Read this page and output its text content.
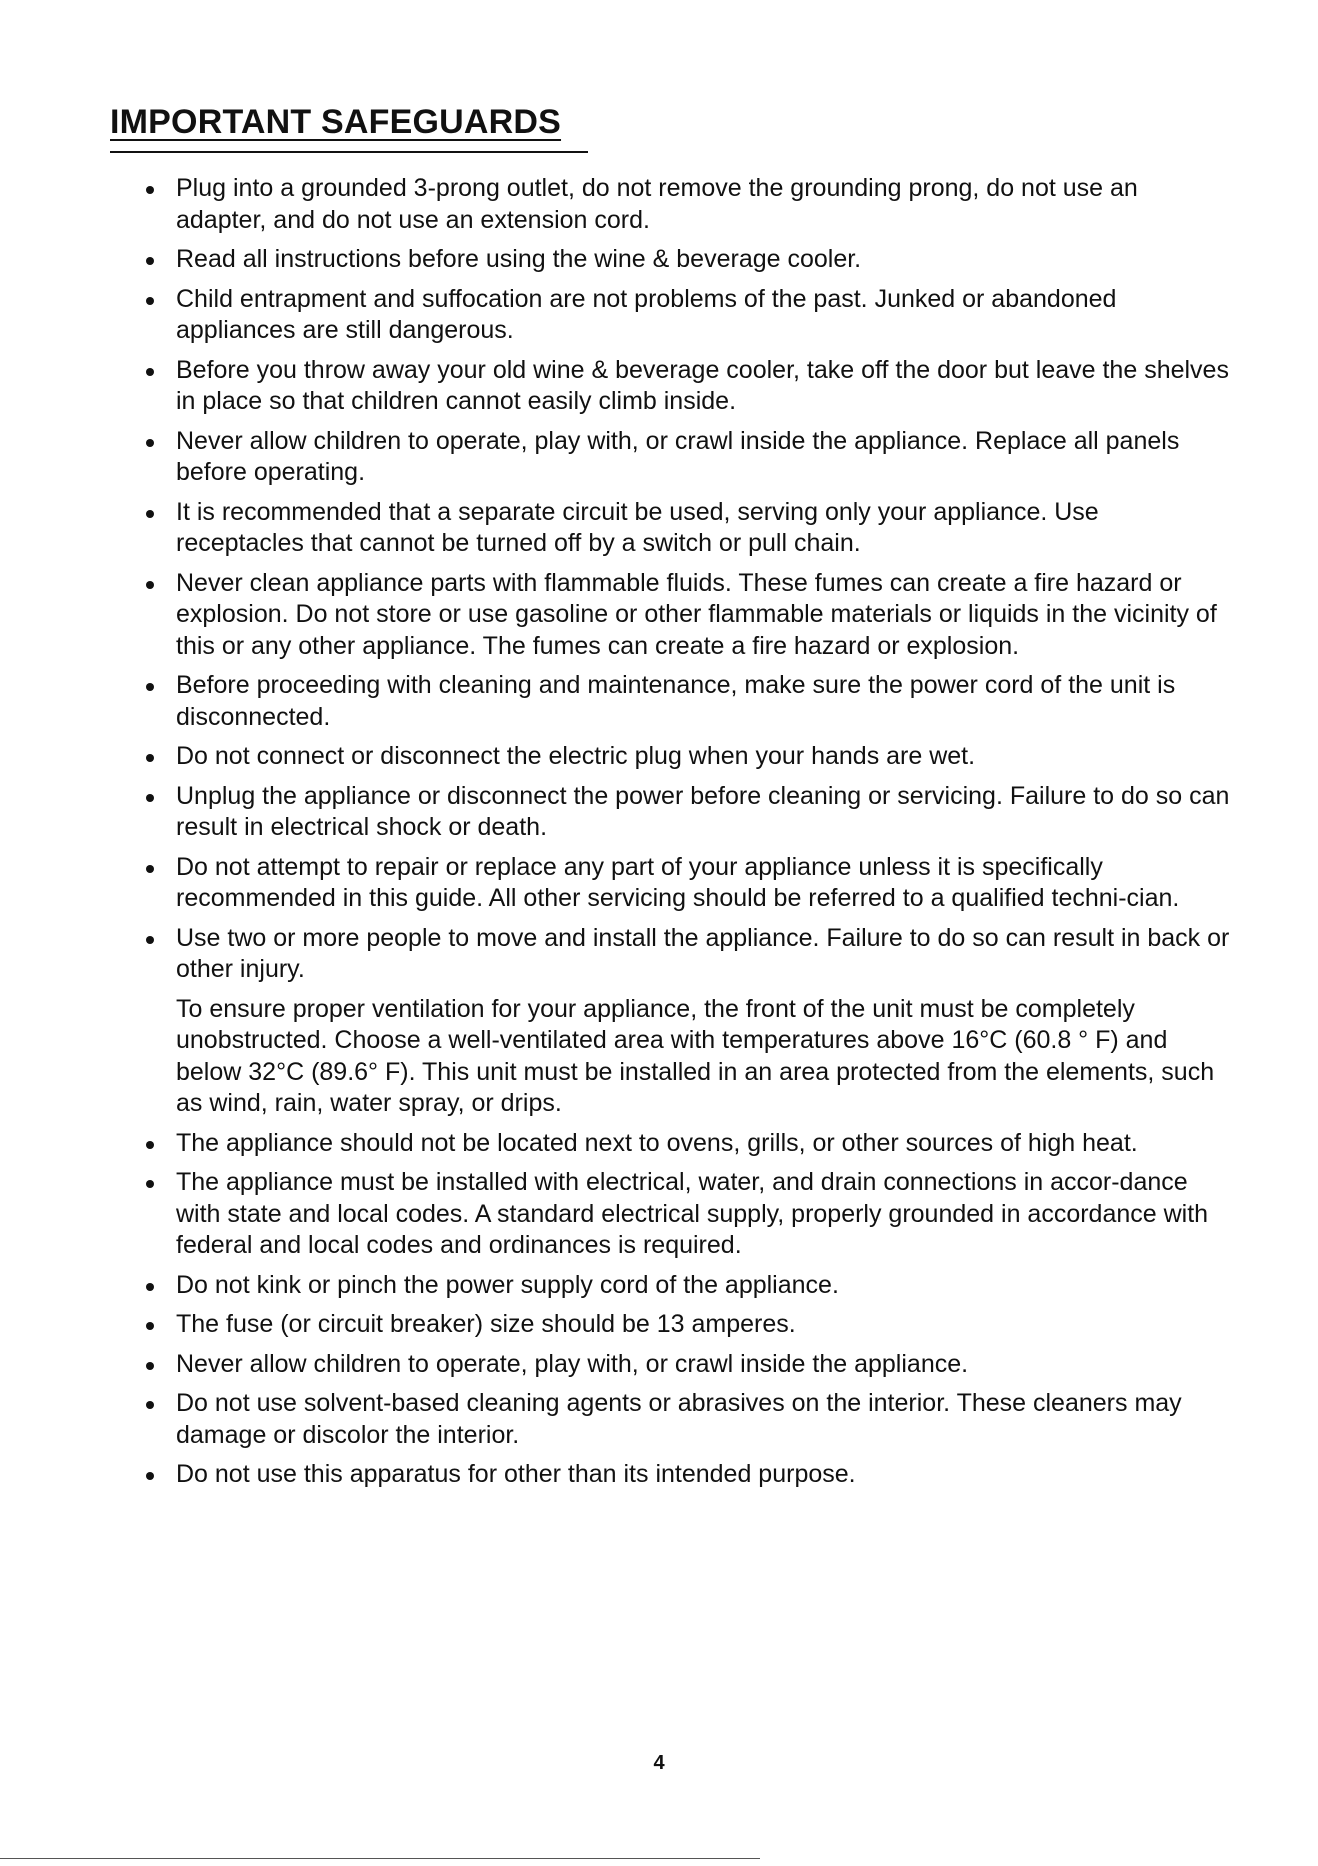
IMPORTANT SAFEGUARDS
Plug into a grounded 3-prong outlet, do not remove the grounding prong, do not use an adapter, and do not use an extension cord.
Read all instructions before using the wine & beverage cooler.
Child entrapment and suffocation are not problems of the past. Junked or abandoned appliances are still dangerous.
Before you throw away your old wine & beverage cooler, take off the door but leave the shelves in place so that children cannot easily climb inside.
Never allow children to operate, play with, or crawl inside the appliance. Replace all panels before operating.
It is recommended that a separate circuit be used, serving only your appliance. Use receptacles that cannot be turned off by a switch or pull chain.
Never clean appliance parts with flammable fluids. These fumes can create a fire hazard or explosion. Do not store or use gasoline or other flammable materials or liquids in the vicinity of this or any other appliance. The fumes can create a fire hazard or explosion.
Before proceeding with cleaning and maintenance, make sure the power cord of the unit is disconnected.
Do not connect or disconnect the electric plug when your hands are wet.
Unplug the appliance or disconnect the power before cleaning or servicing. Failure to do so can result in electrical shock or death.
Do not attempt to repair or replace any part of your appliance unless it is specifically recommended in this guide. All other servicing should be referred to a qualified techni-cian.
Use two or more people to move and install the appliance. Failure to do so can result in back or other injury.
To ensure proper ventilation for your appliance, the front of the unit must be completely unobstructed. Choose a well-ventilated area with temperatures above 16°C (60.8 ° F) and below 32°C (89.6° F). This unit must be installed in an area protected from the elements, such as wind, rain, water spray, or drips.
The appliance should not be located next to ovens, grills, or other sources of high heat.
The appliance must be installed with electrical, water, and drain connections in accor-dance with state and local codes. A standard electrical supply, properly grounded in accordance with federal and local codes and ordinances is required.
Do not kink or pinch the power supply cord of the appliance.
The fuse (or circuit breaker) size should be 13 amperes.
Never allow children to operate, play with, or crawl inside the appliance.
Do not use solvent-based cleaning agents or abrasives on the interior. These cleaners may damage or discolor the interior.
Do not use this apparatus for other than its intended purpose.
4
